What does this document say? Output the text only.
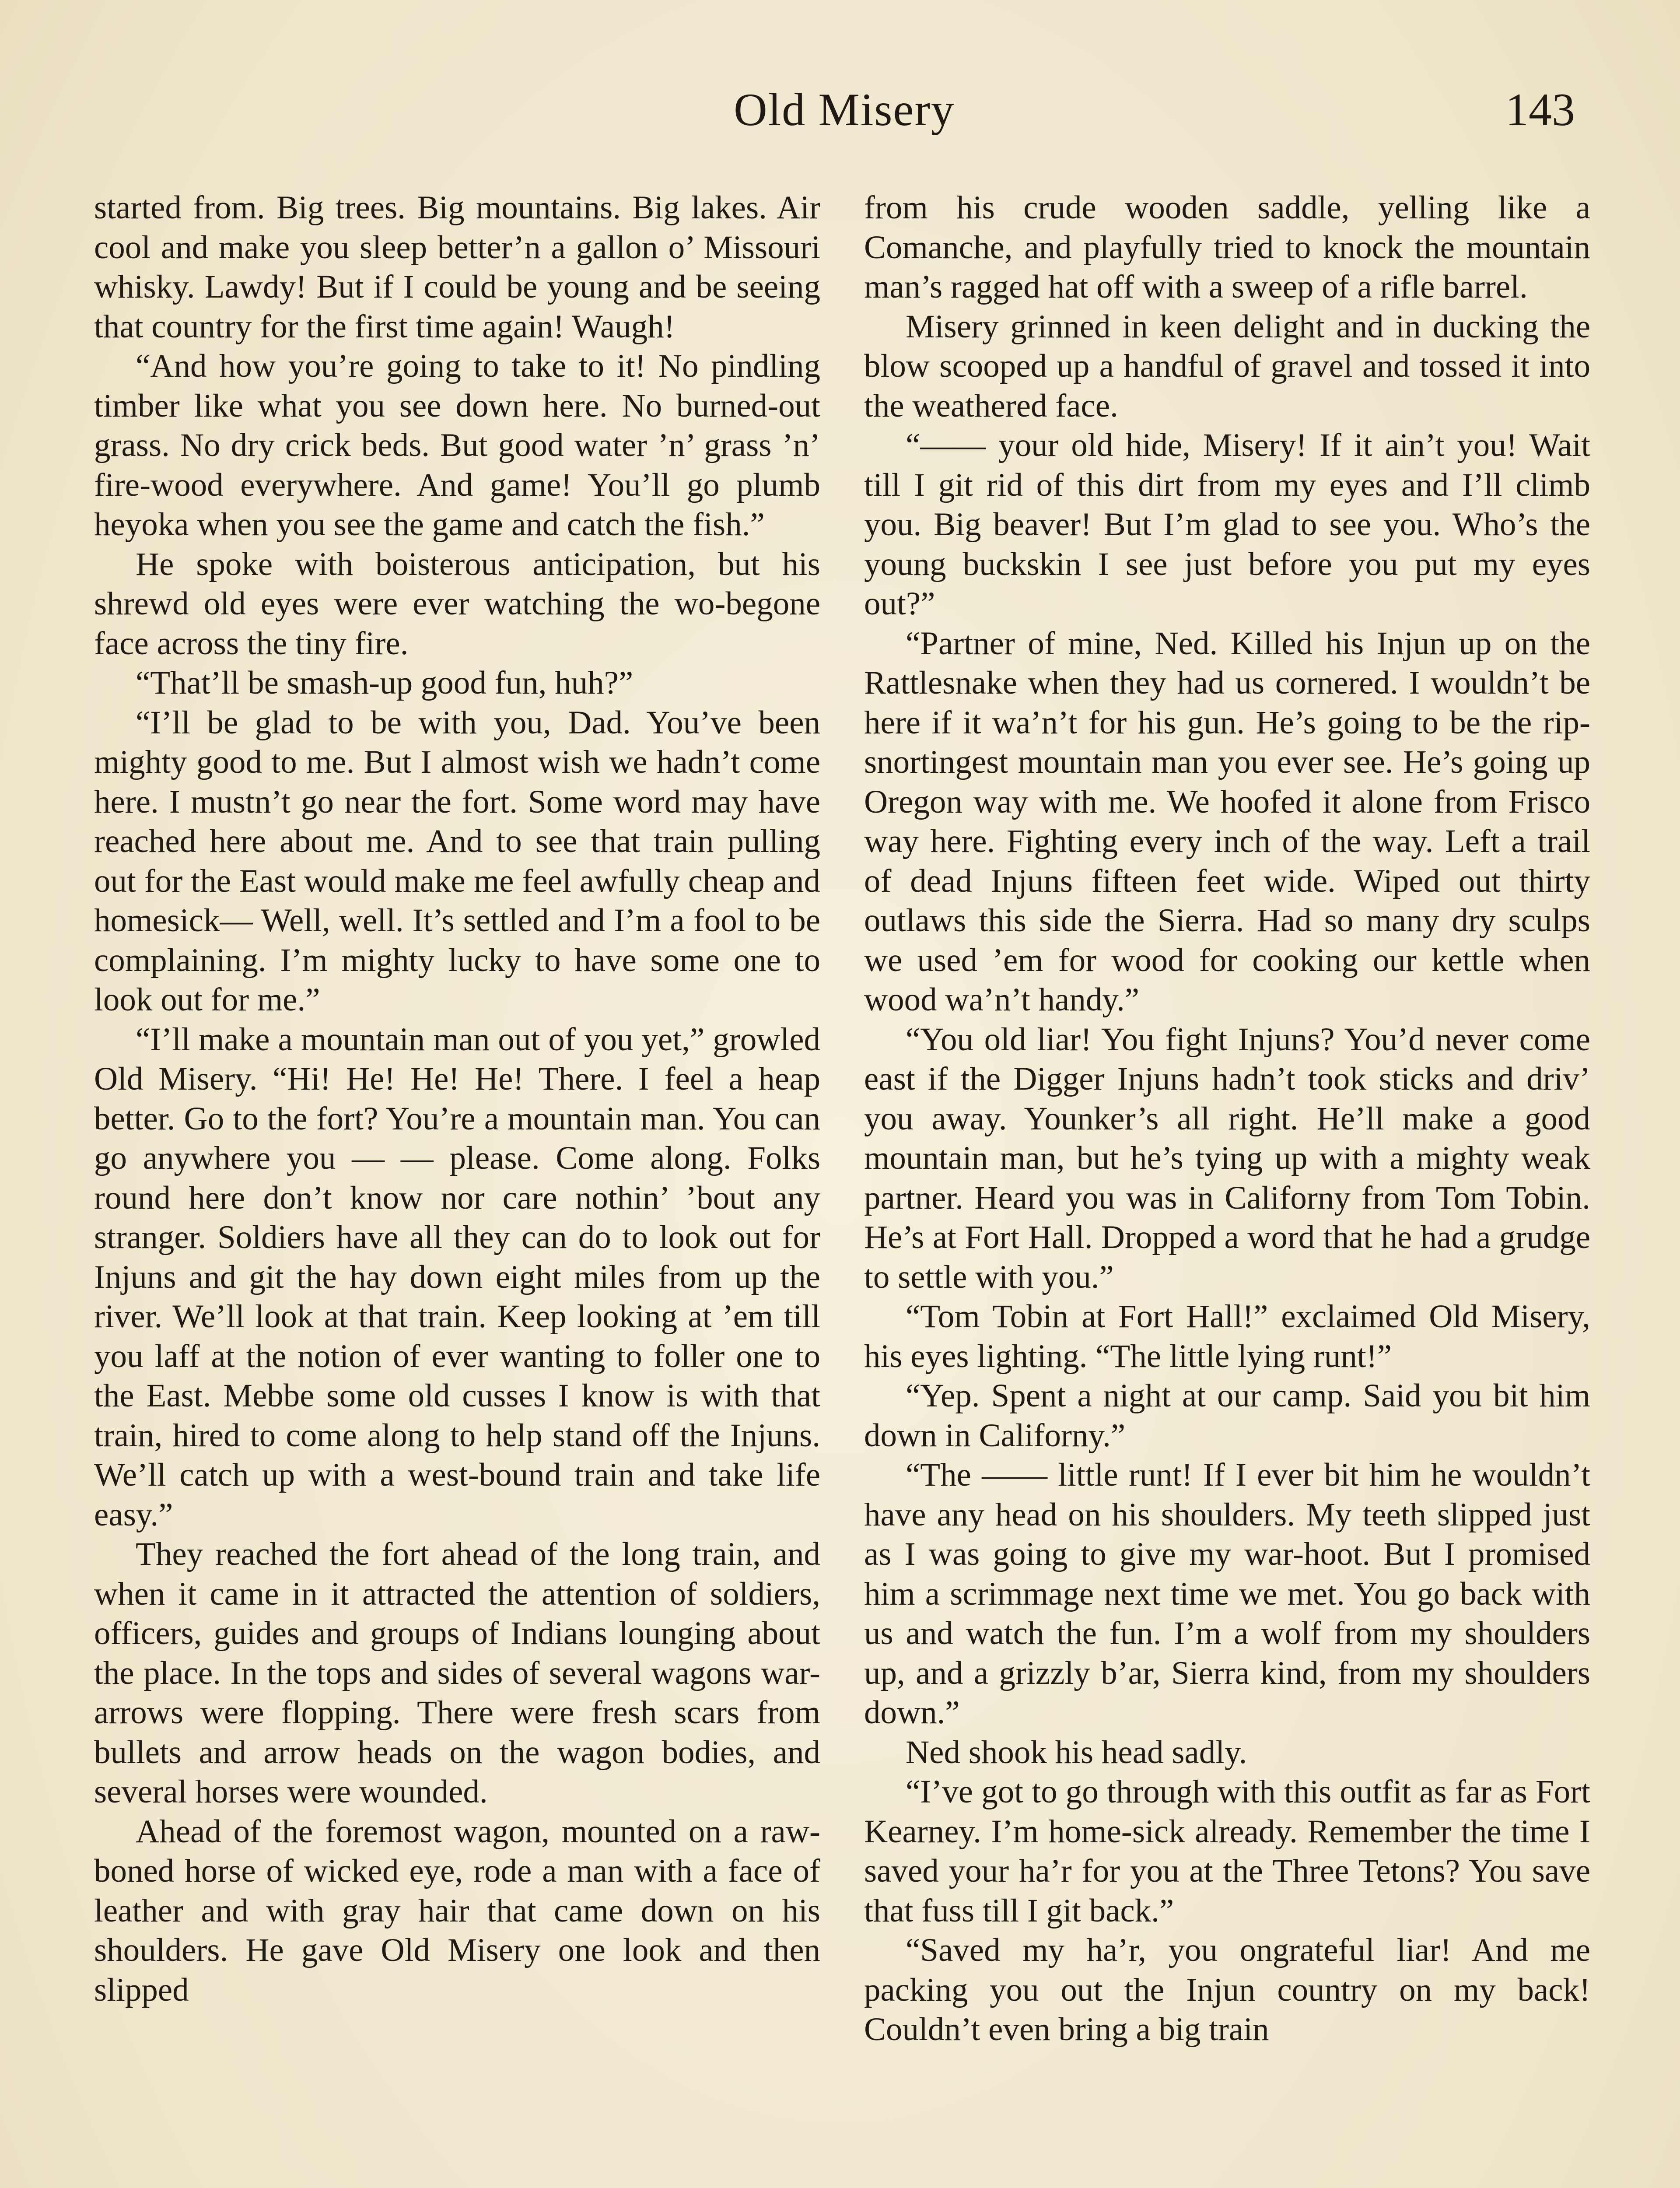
Old Misery	143

started from. Big trees. Big mountains. Big lakes. Air cool and make you sleep better’n a gallon o’ Missouri whisky. Lawdy! But if I could be young and be seeing that country for the first time again! Waugh!

“And how you’re going to take to it! No pindling timber like what you see down here. No burned-out grass. No dry crick beds. But good water ’n’ grass ’n’ fire-wood everywhere. And game! You’ll go plumb heyoka when you see the game and catch the fish.”

He spoke with boisterous anticipation, but his shrewd old eyes were ever watching the wo-begone face across the tiny fire.

“That’ll be smash-up good fun, huh?”

“I’ll be glad to be with you, Dad. You’ve been mighty good to me. But I almost wish we hadn’t come here. I mustn’t go near the fort. Some word may have reached here about me. And to see that train pulling out for the East would make me feel awfully cheap and homesick— Well, well. It’s settled and I’m a fool to be complaining. I’m mighty lucky to have some one to look out for me.”

“I’ll make a mountain man out of you yet,” growled Old Misery. “Hi! He! He! He! There. I feel a heap better. Go to the fort? You’re a mountain man. You can go anywhere you — — please. Come along. Folks round here don’t know nor care nothin’ ’bout any stranger. Soldiers have all they can do to look out for Injuns and git the hay down eight miles from up the river. We’ll look at that train. Keep looking at ’em till you laff at the notion of ever wanting to foller one to the East. Mebbe some old cusses I know is with that train, hired to come along to help stand off the Injuns. We’ll catch up with a west-bound train and take life easy.”

They reached the fort ahead of the long train, and when it came in it attracted the attention of soldiers, officers, guides and groups of Indians lounging about the place. In the tops and sides of several wagons war-arrows were flopping. There were fresh scars from bullets and arrow heads on the wagon bodies, and several horses were wounded.

Ahead of the foremost wagon, mounted on a raw-boned horse of wicked eye, rode a man with a face of leather and with gray hair that came down on his shoulders. He gave Old Misery one look and then slipped

from his crude wooden saddle, yelling like a Comanche, and playfully tried to knock the mountain man’s ragged hat off with a sweep of a rifle barrel.

Misery grinned in keen delight and in ducking the blow scooped up a handful of gravel and tossed it into the weathered face.

“—— your old hide, Misery! If it ain’t you! Wait till I git rid of this dirt from my eyes and I’ll climb you. Big beaver! But I’m glad to see you. Who’s the young buckskin I see just before you put my eyes out?”

“Partner of mine, Ned. Killed his Injun up on the Rattlesnake when they had us cornered. I wouldn’t be here if it wa’n’t for his gun. He’s going to be the rip-snortingest mountain man you ever see. He’s going up Oregon way with me. We hoofed it alone from Frisco way here. Fighting every inch of the way. Left a trail of dead Injuns fifteen feet wide. Wiped out thirty outlaws this side the Sierra. Had so many dry sculps we used ’em for wood for cooking our kettle when wood wa’n’t handy.”

“You old liar! You fight Injuns? You’d never come east if the Digger Injuns hadn’t took sticks and driv’ you away. Younker’s all right. He’ll make a good mountain man, but he’s tying up with a mighty weak partner. Heard you was in Californy from Tom Tobin. He’s at Fort Hall. Dropped a word that he had a grudge to settle with you.”

“Tom Tobin at Fort Hall!” exclaimed Old Misery, his eyes lighting. “The little lying runt!”

“Yep. Spent a night at our camp. Said you bit him down in Californy.”

“The —— little runt! If I ever bit him he wouldn’t have any head on his shoulders. My teeth slipped just as I was going to give my war-hoot. But I promised him a scrimmage next time we met. You go back with us and watch the fun. I’m a wolf from my shoulders up, and a grizzly b’ar, Sierra kind, from my shoulders down.”

Ned shook his head sadly.

“I’ve got to go through with this outfit as far as Fort Kearney. I’m home-sick already. Remember the time I saved your ha’r for you at the Three Tetons? You save that fuss till I git back.”

“Saved my ha’r, you ongrateful liar! And me packing you out the Injun country on my back! Couldn’t even bring a big train
